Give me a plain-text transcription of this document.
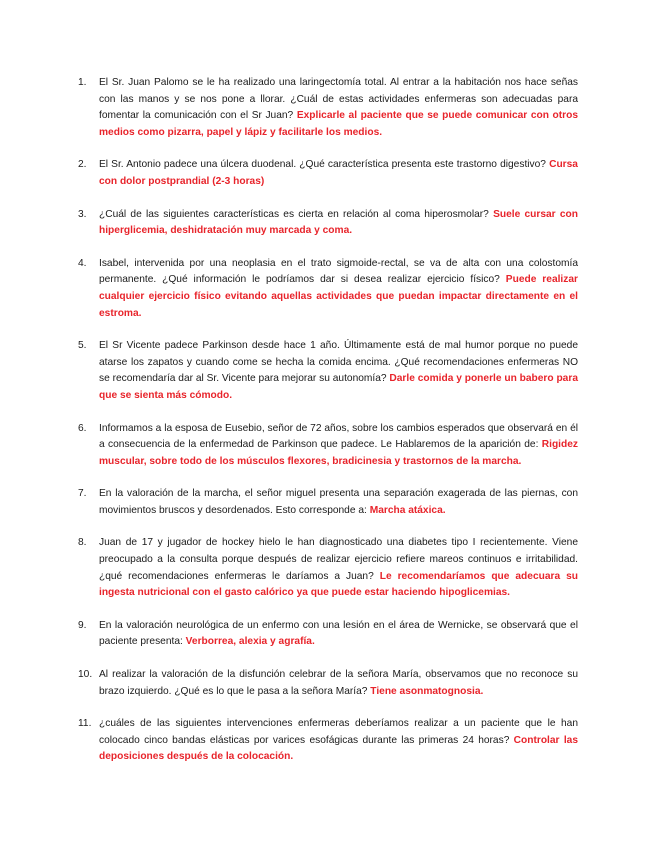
1. El Sr. Juan Palomo se le ha realizado una laringectomía total. Al entrar a la habitación nos hace señas con las manos y se nos pone a llorar. ¿Cuál de estas actividades enfermeras son adecuadas para fomentar la comunicación con el Sr Juan? Explicarle al paciente que se puede comunicar con otros medios como pizarra, papel y lápiz y facilitarle los medios.
2. El Sr. Antonio padece una úlcera duodenal. ¿Qué característica presenta este trastorno digestivo? Cursa con dolor postprandial (2-3 horas)
3. ¿Cuál de las siguientes características es cierta en relación al coma hiperosmolar? Suele cursar con hiperglicemia, deshidratación muy marcada y coma.
4. Isabel, intervenida por una neoplasia en el trato sigmoide-rectal, se va de alta con una colostomía permanente. ¿Qué información le podríamos dar si desea realizar ejercicio físico? Puede realizar cualquier ejercicio físico evitando aquellas actividades que puedan impactar directamente en el estroma.
5. El Sr Vicente padece Parkinson desde hace 1 año. Últimamente está de mal humor porque no puede atarse los zapatos y cuando come se hecha la comida encima. ¿Qué recomendaciones enfermeras NO se recomendaría dar al Sr. Vicente para mejorar su autonomía? Darle comida y ponerle un babero para que se sienta más cómodo.
6. Informamos a la esposa de Eusebio, señor de 72 años, sobre los cambios esperados que observará en él a consecuencia de la enfermedad de Parkinson que padece. Le Hablaremos de la aparición de: Rigidez muscular, sobre todo de los músculos flexores, bradicinesia y trastornos de la marcha.
7. En la valoración de la marcha, el señor miguel presenta una separación exagerada de las piernas, con movimientos bruscos y desordenados. Esto corresponde a: Marcha atáxica.
8. Juan de 17 y jugador de hockey hielo le han diagnosticado una diabetes tipo I recientemente. Viene preocupado a la consulta porque después de realizar ejercicio refiere mareos continuos e irritabilidad. ¿qué recomendaciones enfermeras le daríamos a Juan? Le recomendaríamos que adecuara su ingesta nutricional con el gasto calórico ya que puede estar haciendo hipoglicemias.
9. En la valoración neurológica de un enfermo con una lesión en el área de Wernicke, se observará que el paciente presenta: Verborrea, alexia y agrafía.
10. Al realizar la valoración de la disfunción celebrar de la señora María, observamos que no reconoce su brazo izquierdo. ¿Qué es lo que le pasa a la señora María? Tiene asonmatognosia.
11. ¿cuáles de las siguientes intervenciones enfermeras deberíamos realizar a un paciente que le han colocado cinco bandas elásticas por varices esofágicas durante las primeras 24 horas? Controlar las deposiciones después de la colocación.
